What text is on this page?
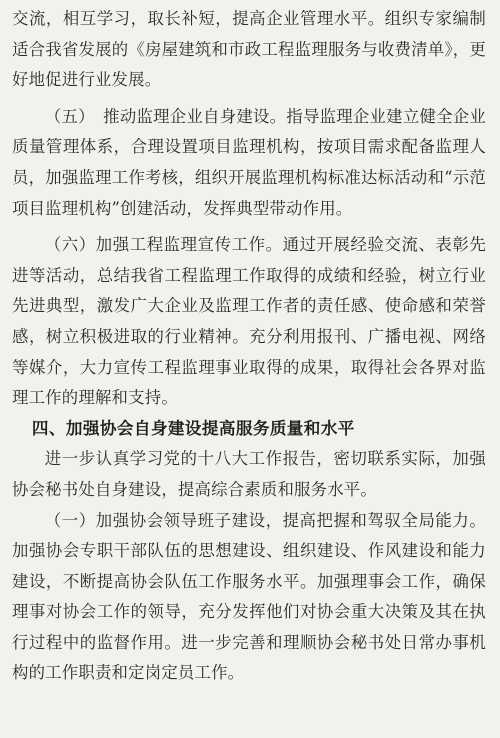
交流，相互学习，取长补短，提高企业管理水平。组织专家编制适合我省发展的《房屋建筑和市政工程监理服务与收费清单》，更好地促进行业发展。

（五）　推动监理企业自身建设。指导监理企业建立健全企业质量管理体系，合理设置项目监理机构，按项目需求配备监理人员，加强监理工作考核，组织开展监理机构标准达标活动和“示范项目监理机构”创建活动，发挥典型带动作用。

（六）加强工程监理宣传工作。通过开展经验交流、表彰先进等活动，总结我省工程监理工作取得的成绩和经验，树立行业先进典型，激发广大企业及监理工作者的责任感、使命感和荣誉感，树立积极进取的行业精神。充分利用报刊、广播电视、网络等媒介，大力宣传工程监理事业取得的成果，取得社会各界对监理工作的理解和支持。

四、加强协会自身建设提高服务质量和水平

进一步认真学习党的十八大工作报告，密切联系实际，加强协会秘书处自身建设，提高综合素质和服务水平。

（一）加强协会领导班子建设，提高把握和驾驭全局能力。加强协会专职干部队伍的思想建设、组织建设、作风建设和能力建设，不断提高协会队伍工作服务水平。加强理事会工作，确保理事对协会工作的领导，充分发挥他们对协会重大决策及其在执行过程中的监督作用。进一步完善和理顺协会秘书处日常办事机构的工作职责和定岗定员工作。
